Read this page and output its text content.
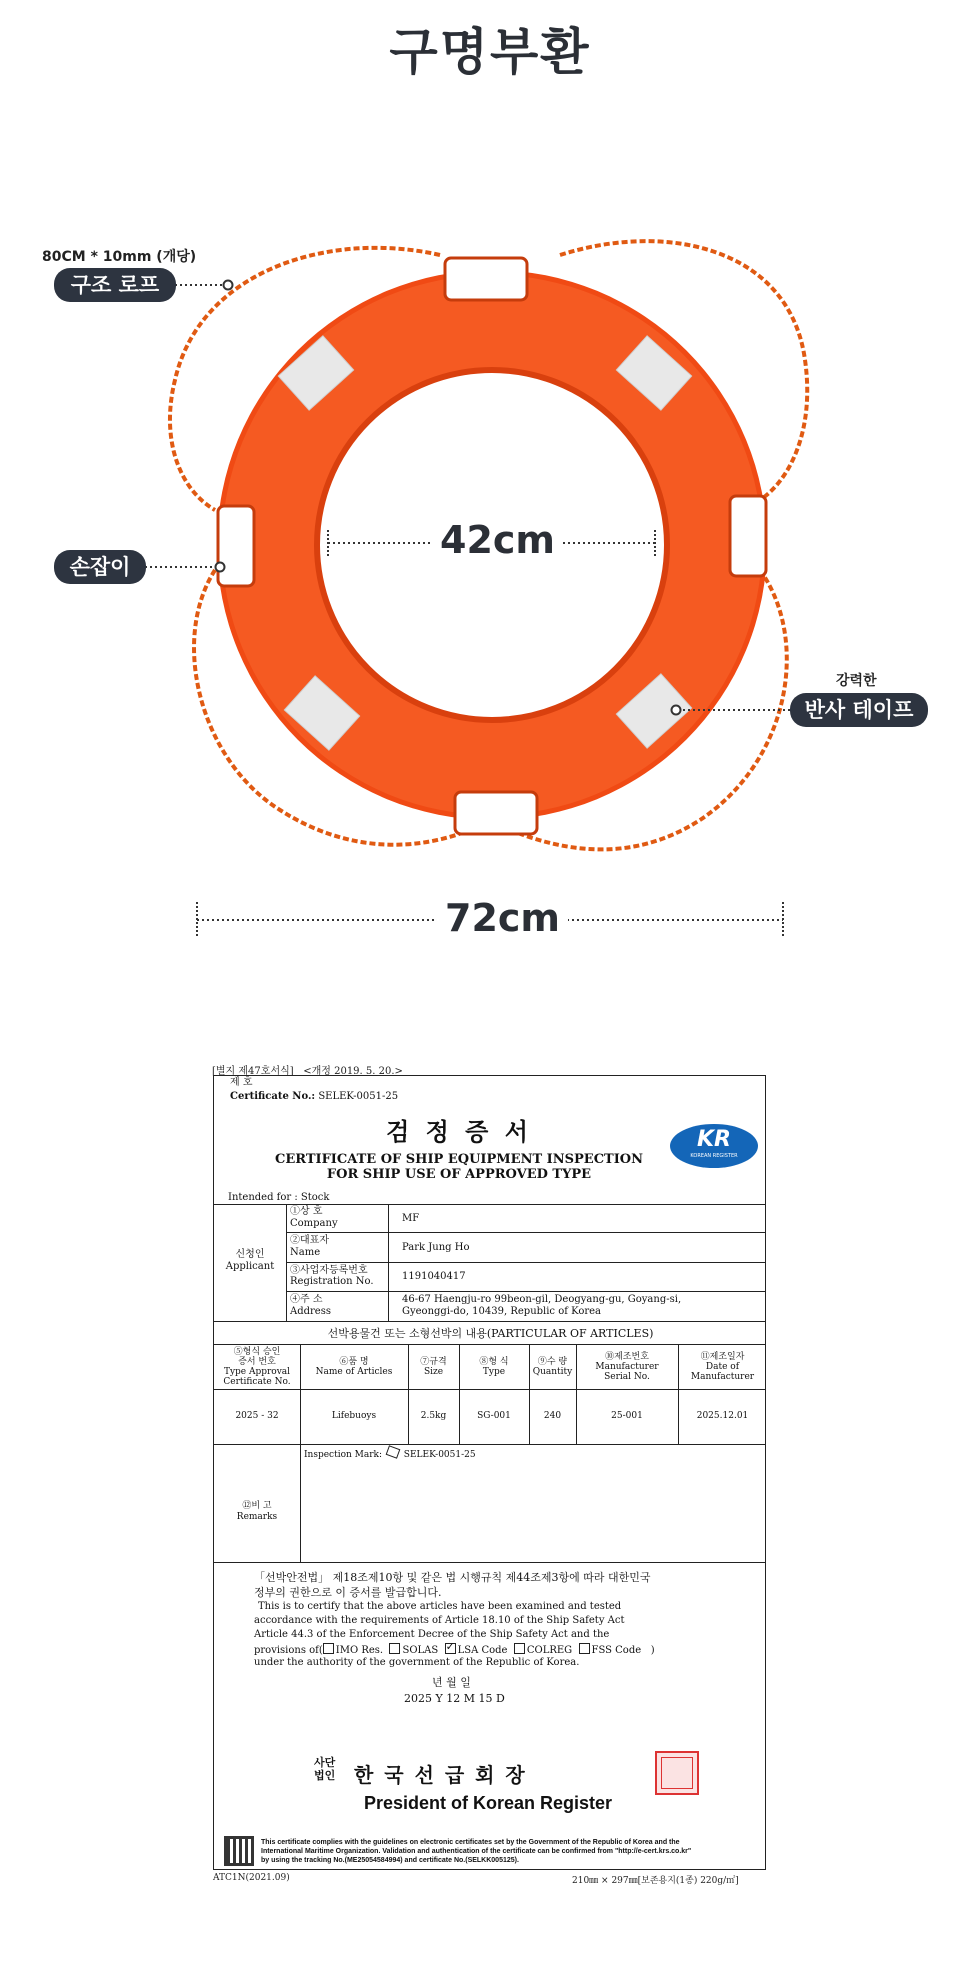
구명부환
80CM * 10mm (개당)
구조 로프
손잡이
강력한
반사 테이프
42cm
72cm
[별지 제47호서식] <개정 2019. 5. 20.>
제 호
Certificate No.: SELEK-0051-25
검 정 증 서
CERTIFICATE OF SHIP EQUIPMENT INSPECTION
FOR SHIP USE OF APPROVED TYPE
KR
KOREAN REGISTER
Intended for : Stock
신청인
Applicant
①상 호
Company	MF
②대표자
Name	Park Jung Ho
③사업자등록번호
Registration No.	1191040417
④주 소
Address
46-67 Haengju-ro 99beon-gil, Deogyang-gu, Goyang-si,
Gyeonggi-do, 10439, Republic of Korea
선박용물건 또는 소형선박의 내용(PARTICULAR OF ARTICLES)
⑤형식 승인
증서 번호
Type Approval
Certificate No.
⑥품 명
Name of Articles
⑦규격
Size
⑧형 식
Type
⑨수 량
Quantity
⑩제조번호
Manufacturer
Serial No.
⑪제조일자
Date of
Manufacturer
2025 - 32	Lifebuoys	2.5kg	SG-001	240	25-001	2025.12.01
⑫비 고
Remarks
Inspection Mark: SELEK-0051-25
「선박안전법」 제18조제10항 및 같은 법 시행규칙 제44조제3항에 따라 대한민국
정부의 권한으로 이 증서를 발급합니다.
This is to certify that the above articles have been examined and tested
accordance with the requirements of Article 18.10 of the Ship Safety Act
Article 44.3 of the Enforcement Decree of the Ship Safety Act and the
provisions of( IMO Res. SOLAS  ✓ LSA Code COLREG FSS Code )
under the authority of the government of the Republic of Korea.
년 월 일
2025 Y 12 M 15 D
사단
법인 한 국 선 급 회 장
President of Korean Register
This certificate complies with the guidelines on electronic certificates set by the Government of the Republic of Korea and the
International Maritime Organization. Validation and authentication of the certificate can be confirmed from "http://e-cert.krs.co.kr"
by using the tracking No.(ME25054584994) and certificate No.(SELKK005125).
ATC1N(2021.09)	210㎜ × 297㎜[보존용지(1종) 220g/㎡]
